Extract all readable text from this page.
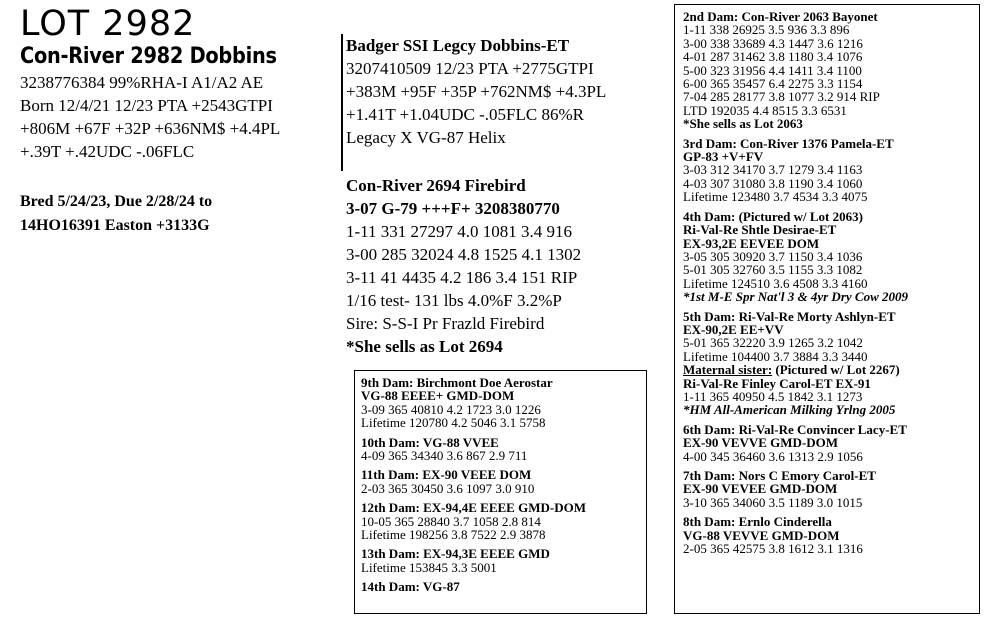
LOT 2982
Con-River 2982 Dobbins
3238776384 99%RHA-I A1/A2 AE
Born 12/4/21 12/23 PTA +2543GTPI
+806M +67F +32P +636NM$ +4.4PL
+.39T +.42UDC -.06FLC
Bred 5/24/23, Due 2/28/24 to
14HO16391 Easton +3133G
Badger SSI Legcy Dobbins-ET
3207410509 12/23 PTA +2775GTPI
+383M +95F +35P +762NM$ +4.3PL
+1.41T +1.04UDC -.05FLC 86%R
Legacy X VG-87 Helix
Con-River 2694 Firebird
3-07 G-79 +++F+ 3208380770
1-11 331 27297 4.0 1081 3.4 916
3-00 285 32024 4.8 1525 4.1 1302
3-11 41 4435 4.2 186 3.4 151 RIP
1/16 test- 131 lbs 4.0%F 3.2%P
Sire: S-S-I Pr Frazld Firebird
*She sells as Lot 2694
9th Dam: Birchmont Doe Aerostar
VG-88 EEEE+ GMD-DOM
3-09 365 40810 4.2 1723 3.0 1226
Lifetime 120780 4.2 5046 3.1 5758
10th Dam: VG-88 VVEE
4-09 365 34340 3.6 867 2.9 711
11th Dam: EX-90 VEEE DOM
2-03 365 30450 3.6 1097 3.0 910
12th Dam: EX-94,4E EEEE GMD-DOM
10-05 365 28840 3.7 1058 2.8 814
Lifetime 198256 3.8 7522 2.9 3878
13th Dam: EX-94,3E EEEE GMD
Lifetime 153845 3.3 5001
14th Dam: VG-87
2nd Dam: Con-River 2063 Bayonet
1-11 338 26925 3.5 936 3.3 896
3-00 338 33689 4.3 1447 3.6 1216
4-01 287 31462 3.8 1180 3.4 1076
5-00 323 31956 4.4 1411 3.4 1100
6-00 365 35457 6.4 2275 3.3 1154
7-04 285 28177 3.8 1077 3.2 914 RIP
LTD 192035 4.4 8515 3.3 6531
*She sells as Lot 2063
3rd Dam: Con-River 1376 Pamela-ET
GP-83 +V+FV
3-03 312 34170 3.7 1279 3.4 1163
4-03 307 31080 3.8 1190 3.4 1060
Lifetime 123480 3.7 4534 3.3 4075
4th Dam: (Pictured w/ Lot 2063)
Ri-Val-Re Shtle Desirae-ET
EX-93,2E EEVEE DOM
3-05 305 30920 3.7 1150 3.4 1036
5-01 305 32760 3.5 1155 3.3 1082
Lifetime 124510 3.6 4508 3.3 4160
*1st M-E Spr Nat'l 3 & 4yr Dry Cow 2009
5th Dam: Ri-Val-Re Morty Ashlyn-ET
EX-90,2E EE+VV
5-01 365 32220 3.9 1265 3.2 1042
Lifetime 104400 3.7 3884 3.3 3440
Maternal sister: (Pictured w/ Lot 2267)
Ri-Val-Re Finley Carol-ET EX-91
1-11 365 40950 4.5 1842 3.1 1273
*HM All-American Milking Yrlng 2005
6th Dam: Ri-Val-Re Convincer Lacy-ET
EX-90 VEVVE GMD-DOM
4-00 345 36460 3.6 1313 2.9 1056
7th Dam: Nors C Emory Carol-ET
EX-90 VEVEE GMD-DOM
3-10 365 34060 3.5 1189 3.0 1015
8th Dam: Ernlo Cinderella
VG-88 VEVVE GMD-DOM
2-05 365 42575 3.8 1612 3.1 1316
